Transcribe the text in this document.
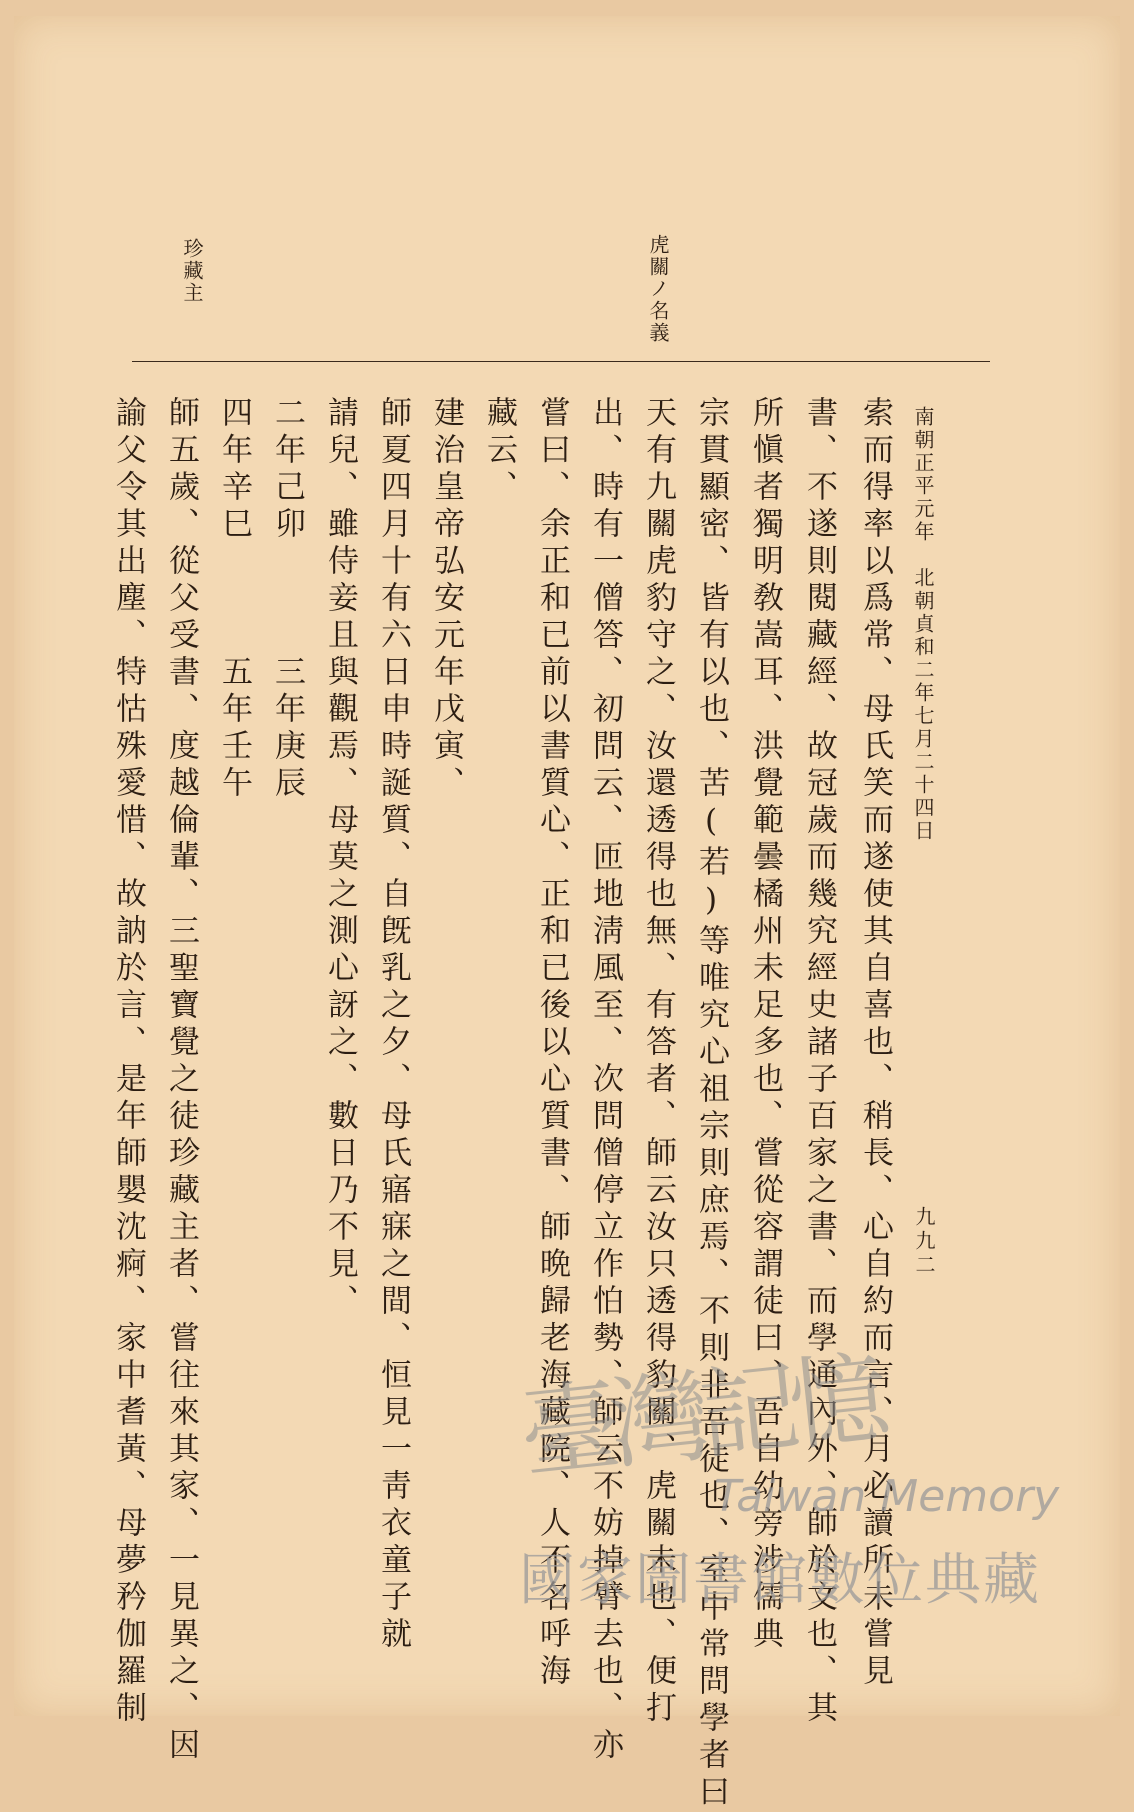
南朝正平元年　北朝貞和二年七月二十四日
九九二
虎關ノ名義
珍藏主
索而得率以爲常、母氏笑而遂使其自喜也、稍長、心自約而言、月必讀所未嘗見
書、不遂則閱藏經、故冠歲而幾究經史諸子百家之書、而學通內外、師於文也、其
所愼者獨明敎嵩耳、洪覺範曇橘州未足多也、嘗從容謂徒曰、吾自幼旁涉儒典
宗貫顯密、皆有以也、苦(若)等唯究心祖宗則庶焉、不則非吾徒也、室中常問學者曰
天有九關虎豹守之、汝還透得也無、有答者、師云汝只透得豹關、虎關未也、便打
出、時有一僧答、初問云、匝地淸風至、次問僧停立作怕勢、師云不妨掉臂去也、亦
嘗曰、余正和已前以書質心、正和已後以心質書、師晩歸老海藏院、人不名呼海
藏云、
建治皇帝弘安元年戊寅、
師夏四月十有六日申時誕質、自旣乳之夕、母氏寤寐之間、恒見一靑衣童子就
請兒、雖侍妾且與觀焉、母莫之測心訝之、數日乃不見、
二年己卯　　　三年庚辰
四年辛巳　　　五年壬午
師五歲、從父受書、度越倫輩、三聖寶覺之徒珍藏主者、嘗往來其家、一見異之、因
諭父令其出塵、特怙殊愛惜、故訥於言、是年師嬰沈痾、家中耆黃、母夢矜伽羅制	臺灣記憶
Taiwan Memory
國家圖書館數位典藏
